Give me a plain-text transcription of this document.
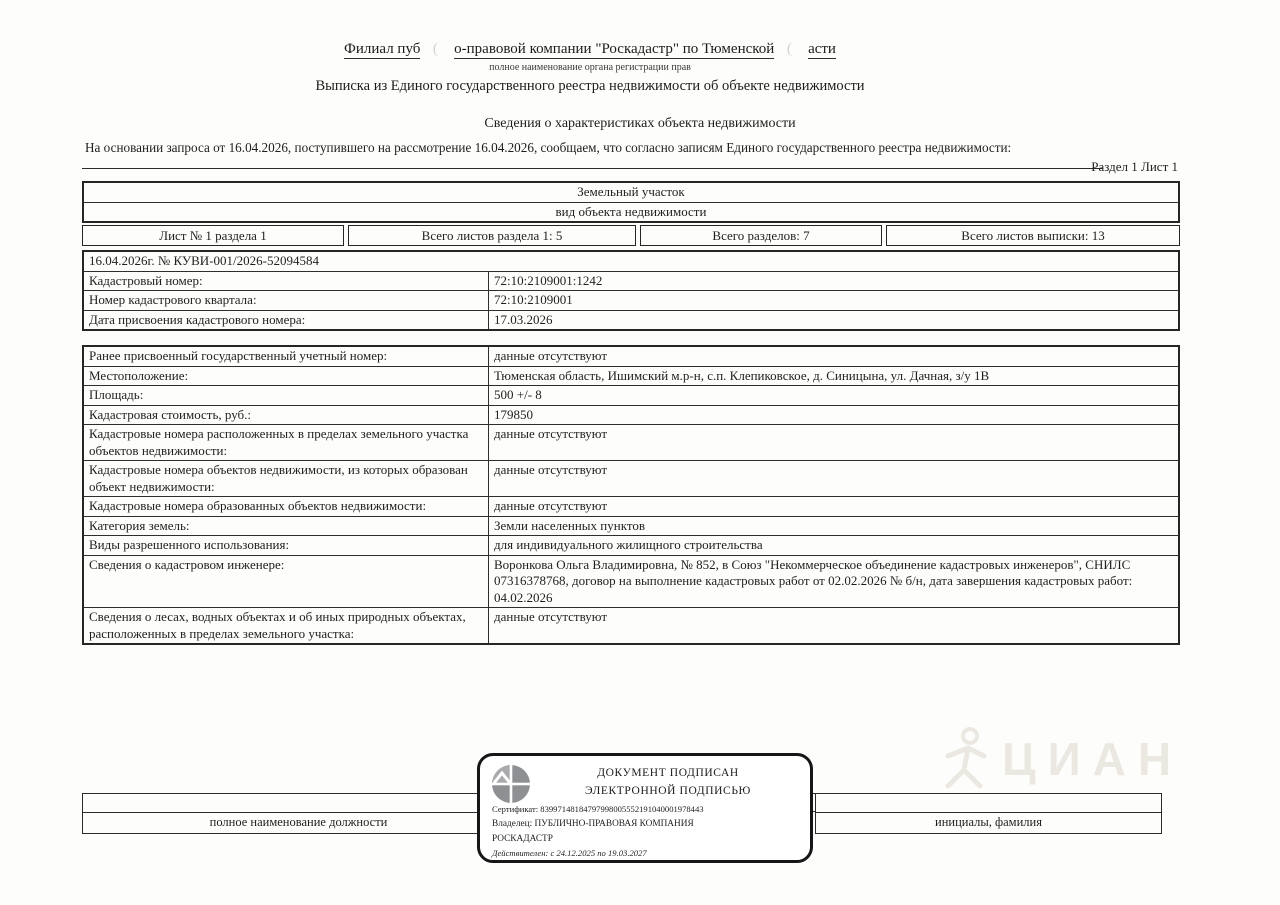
Филиал пуб ( о-правовой компании "Роскадастр" по Тюменской ( асти
полное наименование органа регистрации прав
Выписка из Единого государственного реестра недвижимости об объекте недвижимости
Сведения о характеристиках объекта недвижимости
На основании запроса от 16.04.2026, поступившего на рассмотрение 16.04.2026, сообщаем, что согласно записям Единого государственного реестра недвижимости:
Раздел 1 Лист 1
Земельный участок
вид объекта недвижимости
Лист № 1 раздела 1	Всего листов раздела 1: 5	Всего разделов: 7	Всего листов выписки: 13
16.04.2026г. № КУВИ-001/2026-52094584
Кадастровый номер:	72:10:2109001:1242
Номер кадастрового квартала:	72:10:2109001
Дата присвоения кадастрового номера:	17.03.2026
Ранее присвоенный государственный учетный номер:	данные отсутствуют
Местоположение:	Тюменская область, Ишимский м.р-н, с.п. Клепиковское, д. Синицына, ул. Дачная, з/у 1В
Площадь:	500 +/- 8
Кадастровая стоимость, руб.:	179850
Кадастровые номера расположенных в пределах земельного участка объектов недвижимости:
данные отсутствуют
Кадастровые номера объектов недвижимости, из которых образован объект недвижимости:
данные отсутствуют
Кадастровые номера образованных объектов недвижимости:	данные отсутствуют
Категория земель:	Земли населенных пунктов
Виды разрешенного использования:	для индивидуального жилищного строительства
Сведения о кадастровом инженере:	Воронкова Ольга Владимировна, № 852, в Союз "Некоммерческое объединение кадастровых инженеров", СНИЛС 07316378768, договор на выполнение кадастровых работ от 02.02.2026 № б/н, дата завершения кадастровых работ: 04.02.2026
Сведения о лесах, водных объектах и об иных природных объектах, расположенных в пределах земельного участка:
данные отсутствуют
ЦИАН
полное наименование должности	инициалы, фамилия
ДОКУМЕНТ ПОДПИСАН
ЭЛЕКТРОННОЙ ПОДПИСЬЮ
Сертификат: 83997148184797998005552191040001978443
Владелец: ПУБЛИЧНО-ПРАВОВАЯ КОМПАНИЯ
РОСКАДАСТР
Действителен: с 24.12.2025 по 19.03.2027
